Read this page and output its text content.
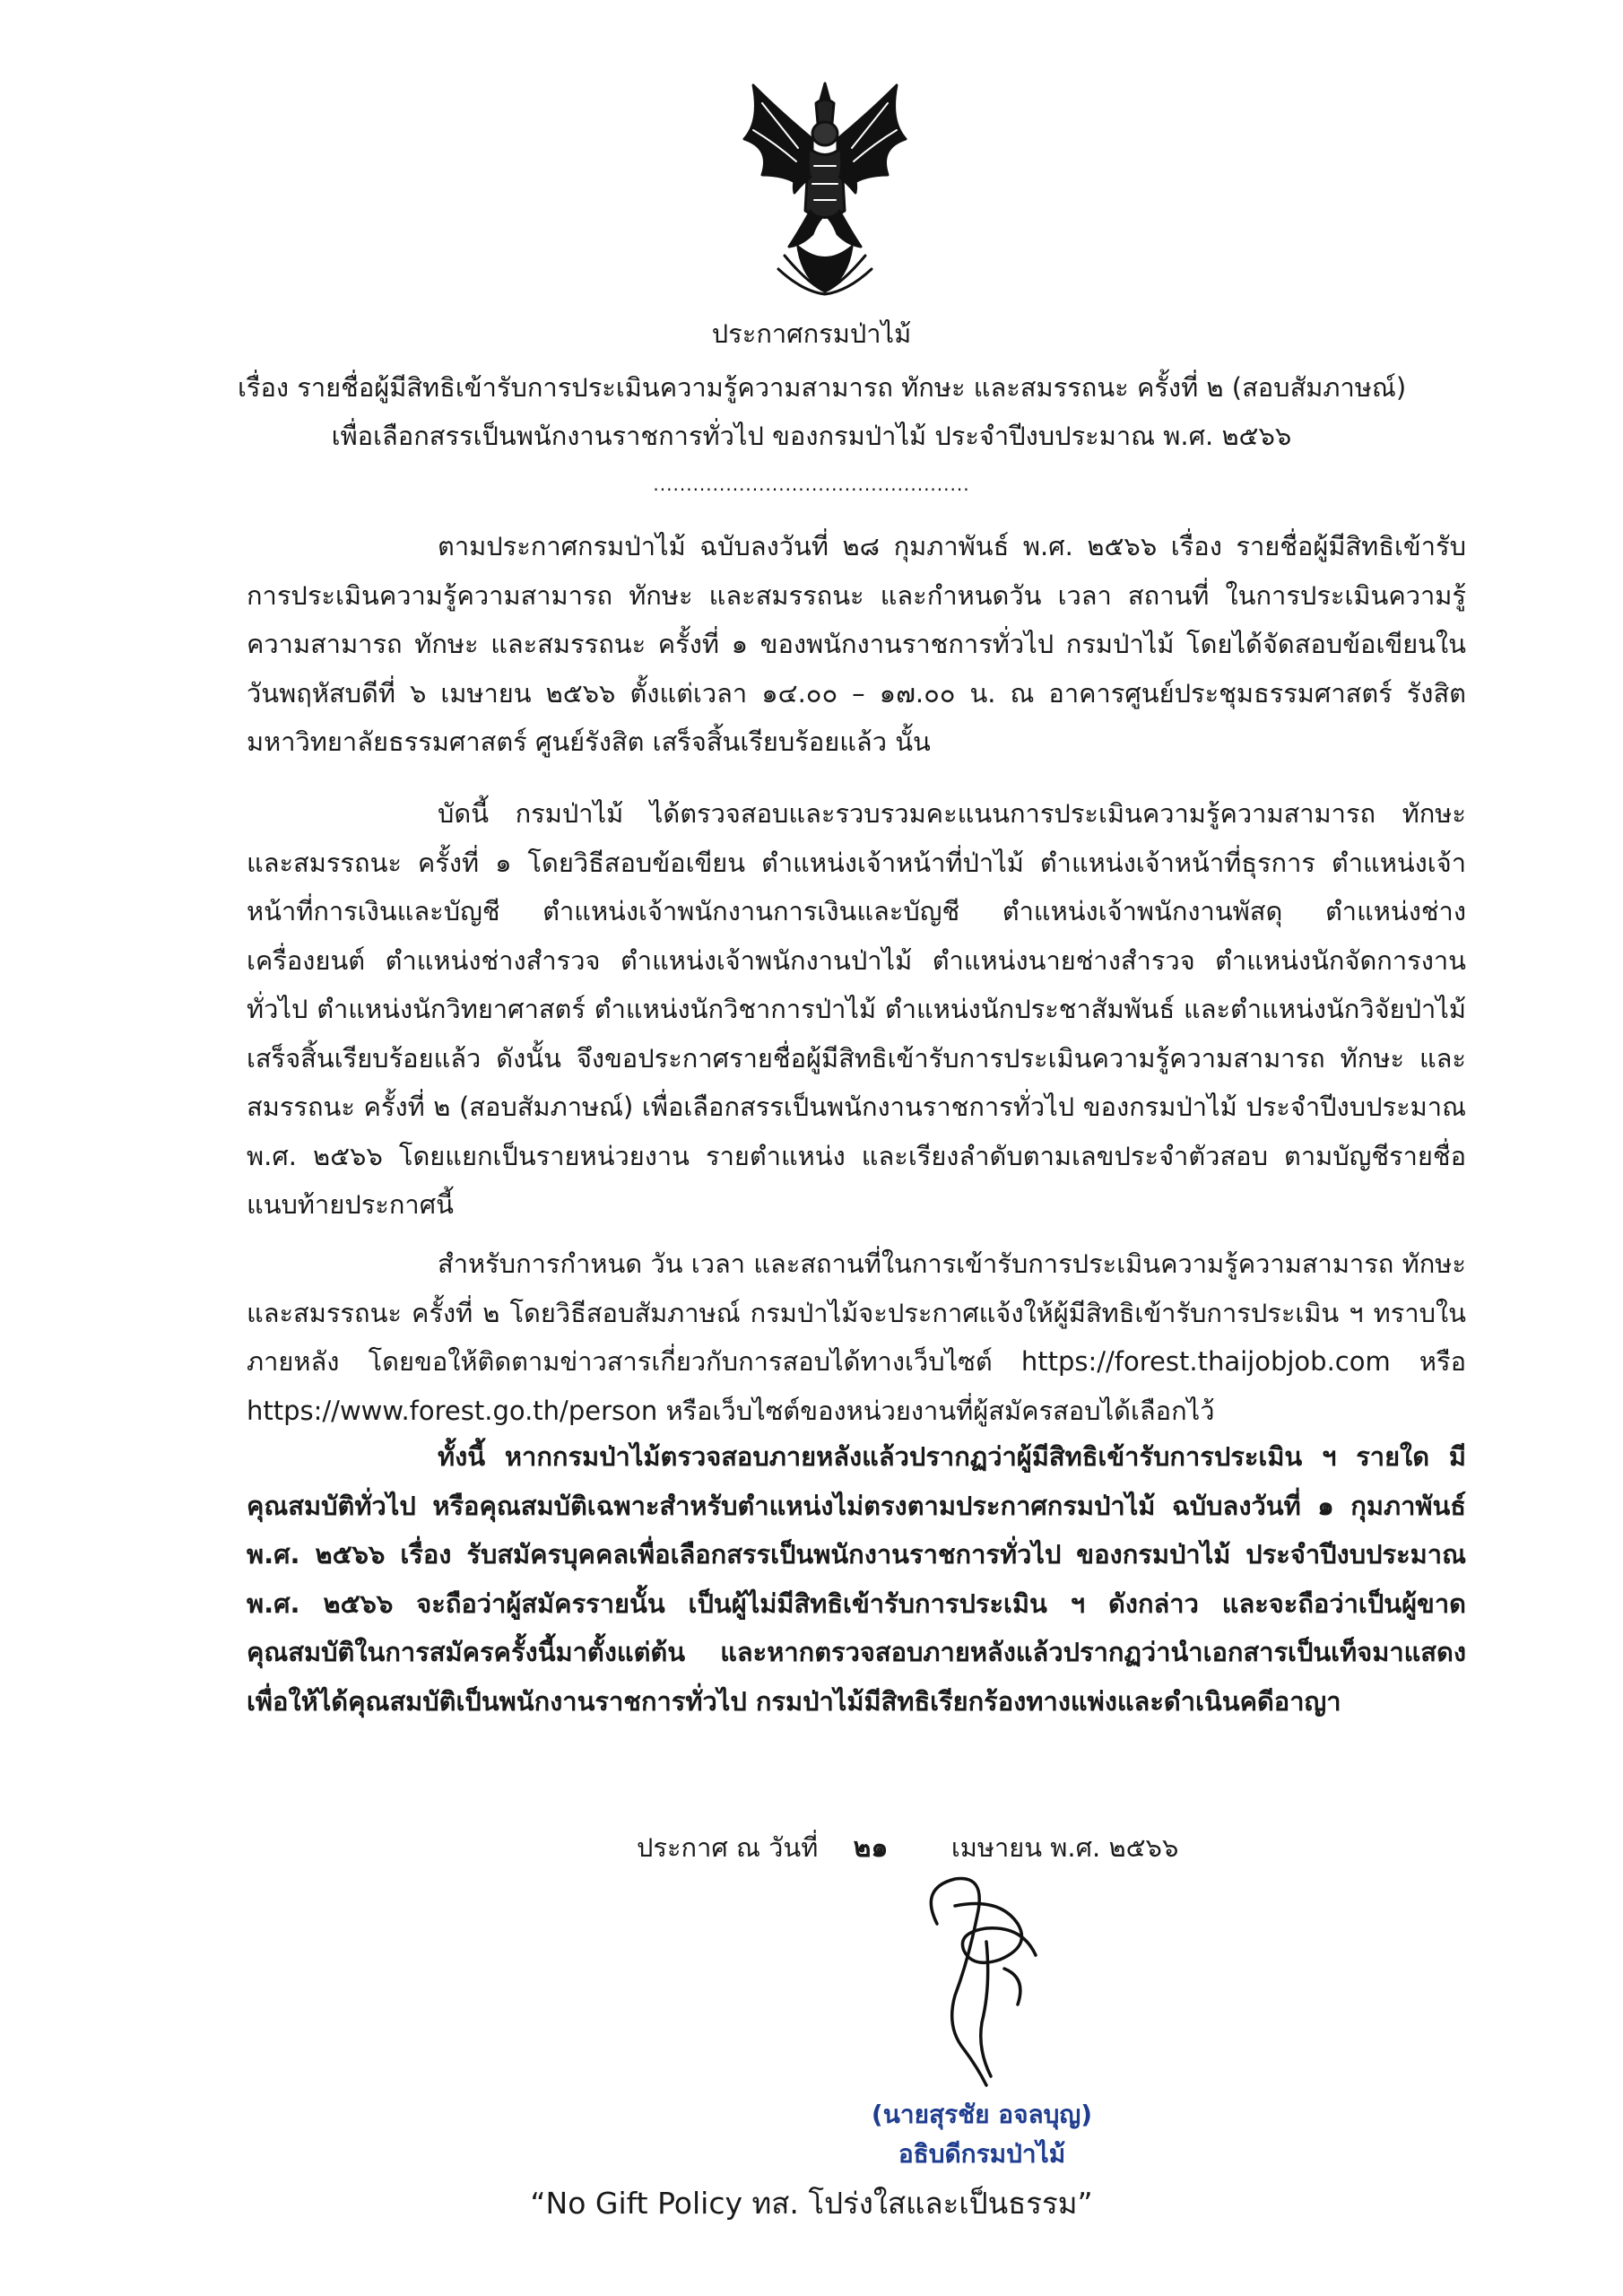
ประกาศกรมป่าไม้
เรื่อง รายชื่อผู้มีสิทธิเข้ารับการประเมินความรู้ความสามารถ ทักษะ และสมรรถนะ ครั้งที่ ๒ (สอบสัมภาษณ์)
เพื่อเลือกสรรเป็นพนักงานราชการทั่วไป ของกรมป่าไม้ ประจำปีงบประมาณ พ.ศ. ๒๕๖๖
................................................
ตามประกาศกรมป่าไม้ ฉบับลงวันที่ ๒๘ กุมภาพันธ์ พ.ศ. ๒๕๖๖ เรื่อง รายชื่อผู้มีสิทธิเข้ารับการประเมินความรู้ความสามารถ ทักษะ และสมรรถนะ และกำหนดวัน เวลา สถานที่ ในการประเมินความรู้ความสามารถ ทักษะ และสมรรถนะ ครั้งที่ ๑ ของพนักงานราชการทั่วไป กรมป่าไม้ โดยได้จัดสอบข้อเขียนในวันพฤหัสบดีที่ ๖ เมษายน ๒๕๖๖ ตั้งแต่เวลา ๑๔.๐๐ – ๑๗.๐๐ น. ณ อาคารศูนย์ประชุมธรรมศาสตร์ รังสิต มหาวิทยาลัยธรรมศาสตร์ ศูนย์รังสิต เสร็จสิ้นเรียบร้อยแล้ว นั้น
บัดนี้ กรมป่าไม้ ได้ตรวจสอบและรวบรวมคะแนนการประเมินความรู้ความสามารถ ทักษะ และสมรรถนะ ครั้งที่ ๑ โดยวิธีสอบข้อเขียน ตำแหน่งเจ้าหน้าที่ป่าไม้ ตำแหน่งเจ้าหน้าที่ธุรการ ตำแหน่งเจ้าหน้าที่การเงินและบัญชี ตำแหน่งเจ้าพนักงานการเงินและบัญชี ตำแหน่งเจ้าพนักงานพัสดุ ตำแหน่งช่างเครื่องยนต์ ตำแหน่งช่างสำรวจ ตำแหน่งเจ้าพนักงานป่าไม้ ตำแหน่งนายช่างสำรวจ ตำแหน่งนักจัดการงานทั่วไป ตำแหน่งนักวิทยาศาสตร์ ตำแหน่งนักวิชาการป่าไม้ ตำแหน่งนักประชาสัมพันธ์ และตำแหน่งนักวิจัยป่าไม้ เสร็จสิ้นเรียบร้อยแล้ว ดังนั้น จึงขอประกาศรายชื่อผู้มีสิทธิเข้ารับการประเมินความรู้ความสามารถ ทักษะ และสมรรถนะ ครั้งที่ ๒ (สอบสัมภาษณ์) เพื่อเลือกสรรเป็นพนักงานราชการทั่วไป ของกรมป่าไม้ ประจำปีงบประมาณ พ.ศ. ๒๕๖๖ โดยแยกเป็นรายหน่วยงาน รายตำแหน่ง และเรียงลำดับตามเลขประจำตัวสอบ ตามบัญชีรายชื่อแนบท้ายประกาศนี้
สำหรับการกำหนด วัน เวลา และสถานที่ในการเข้ารับการประเมินความรู้ความสามารถ ทักษะ และสมรรถนะ ครั้งที่ ๒ โดยวิธีสอบสัมภาษณ์ กรมป่าไม้จะประกาศแจ้งให้ผู้มีสิทธิเข้ารับการประเมิน ฯ ทราบในภายหลัง โดยขอให้ติดตามข่าวสารเกี่ยวกับการสอบได้ทางเว็บไซต์ https://forest.thaijobjob.com หรือ https://www.forest.go.th/person หรือเว็บไซต์ของหน่วยงานที่ผู้สมัครสอบได้เลือกไว้
ทั้งนี้ หากกรมป่าไม้ตรวจสอบภายหลังแล้วปรากฏว่าผู้มีสิทธิเข้ารับการประเมิน ฯ รายใด มีคุณสมบัติทั่วไป หรือคุณสมบัติเฉพาะสำหรับตำแหน่งไม่ตรงตามประกาศกรมป่าไม้ ฉบับลงวันที่ ๑ กุมภาพันธ์ พ.ศ. ๒๕๖๖ เรื่อง รับสมัครบุคคลเพื่อเลือกสรรเป็นพนักงานราชการทั่วไป ของกรมป่าไม้ ประจำปีงบประมาณ พ.ศ. ๒๕๖๖ จะถือว่าผู้สมัครรายนั้น เป็นผู้ไม่มีสิทธิเข้ารับการประเมิน ฯ ดังกล่าว และจะถือว่าเป็นผู้ขาดคุณสมบัติในการสมัครครั้งนี้มาตั้งแต่ต้น และหากตรวจสอบภายหลังแล้วปรากฏว่านำเอกสารเป็นเท็จมาแสดง เพื่อให้ได้คุณสมบัติเป็นพนักงานราชการทั่วไป กรมป่าไม้มีสิทธิเรียกร้องทางแพ่งและดำเนินคดีอาญา
ประกาศ ณ วันที่ ๒๑ เมษายน พ.ศ. ๒๕๖๖
(นายสุรชัย อจลบุญ)
อธิบดีกรมป่าไม้
“No Gift Policy ทส. โปร่งใสและเป็นธรรม”
